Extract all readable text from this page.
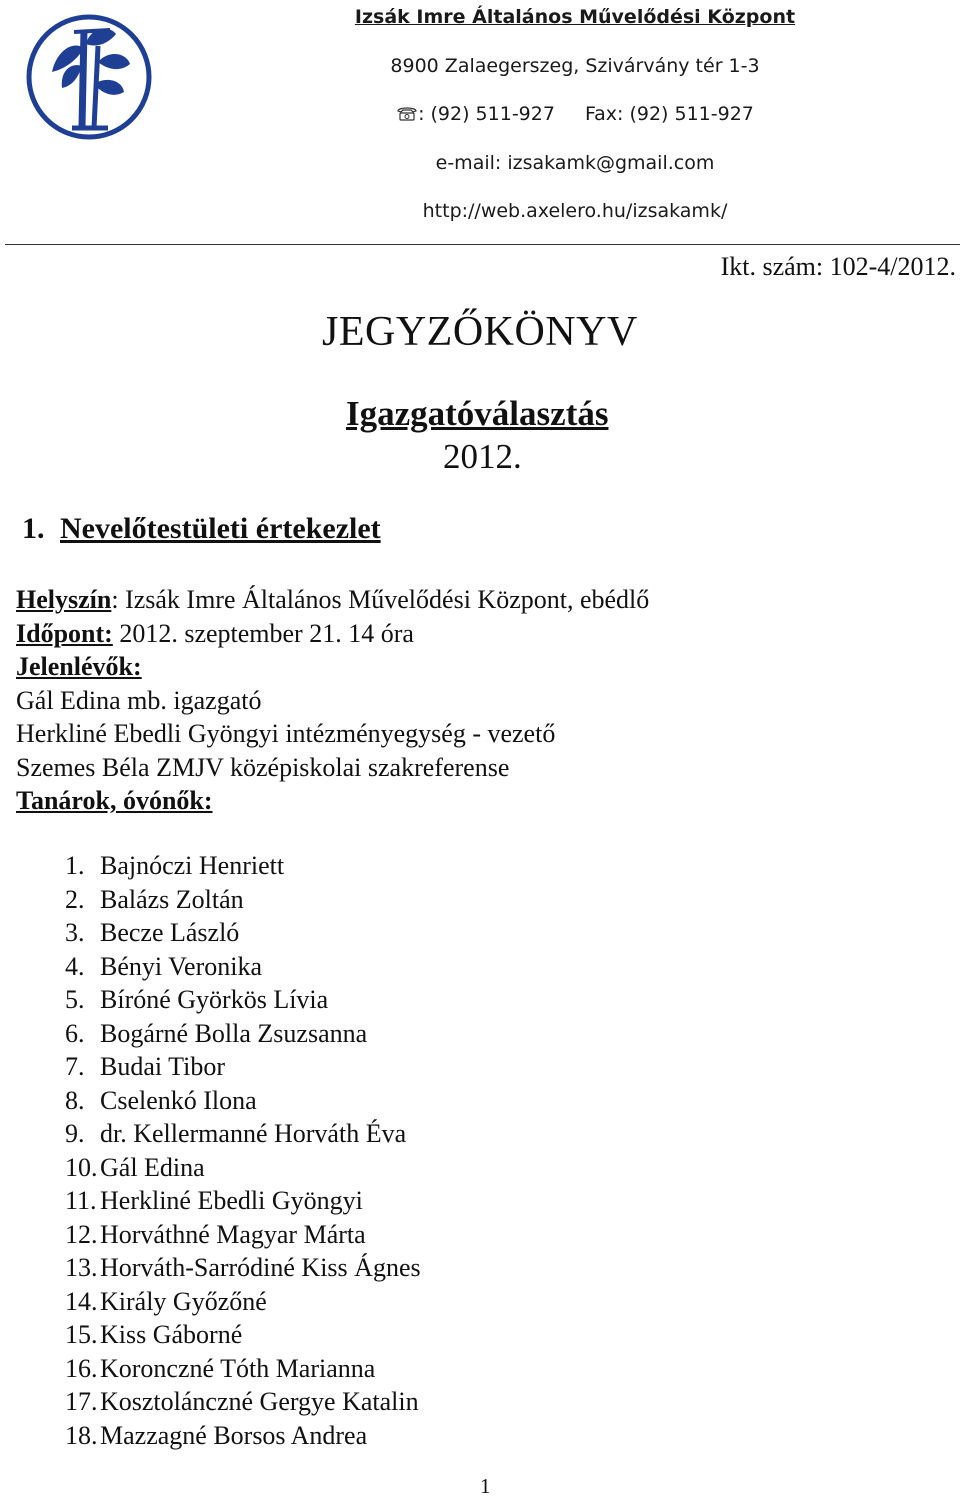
Izsák Imre Általános Művelődési Központ
8900 Zalaegerszeg, Szivárvány tér 1-3
: (92) 511-927 Fax: (92) 511-927
e-mail: izsakamk@gmail.com
http://web.axelero.hu/izsakamk/
Ikt. szám: 102-4/2012.
JEGYZŐKÖNYV
Igazgatóválasztás
2012.
1. Nevelőtestületi értekezlet
Helyszín: Izsák Imre Általános Művelődési Központ, ebédlő
Időpont: 2012. szeptember 21. 14 óra
Jelenlévők:
Gál Edina mb. igazgató
Herkliné Ebedli Gyöngyi intézményegység - vezető
Szemes Béla ZMJV középiskolai szakreferense
Tanárok, óvónők:
1. Bajnóczi Henriett
2. Balázs Zoltán
3. Becze László
4. Bényi Veronika
5. Bíróné Györkös Lívia
6. Bogárné Bolla Zsuzsanna
7. Budai Tibor
8. Cselenkó Ilona
9. dr. Kellermanné Horváth Éva
10.Gál Edina
11. Herkliné Ebedli Gyöngyi
12.Horváthné Magyar Márta
13.Horváth-Sarródiné Kiss Ágnes
14.Király Győzőné
15.Kiss Gáborné
16.Koronczné Tóth Marianna
17.Kosztolánczné Gergye Katalin
18.Mazzagné Borsos Andrea
1
